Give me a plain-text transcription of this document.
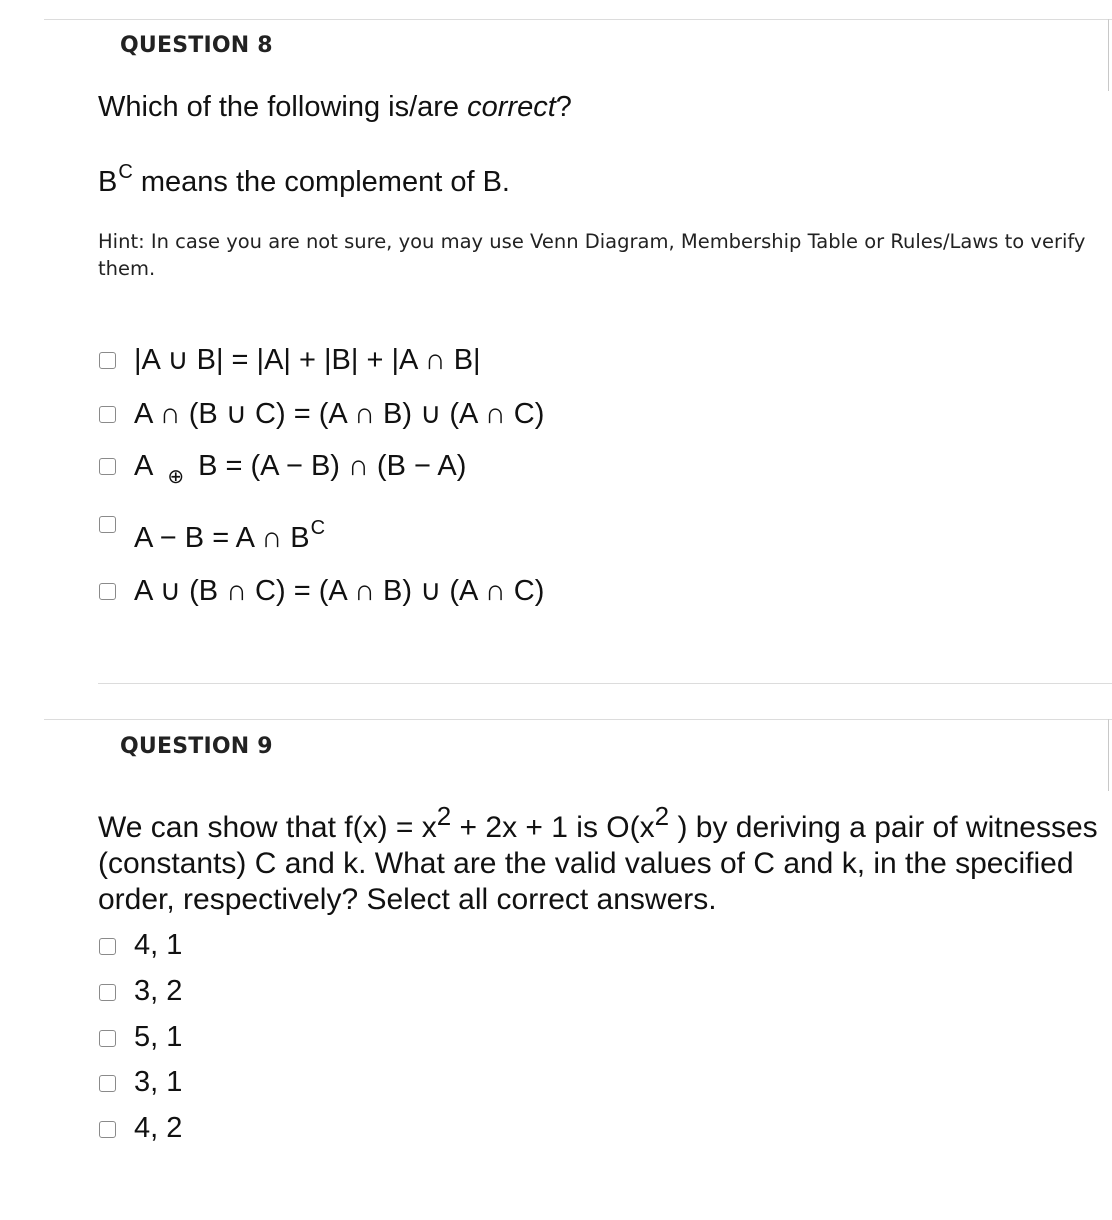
QUESTION 8
Which of the following is/are correct?
$B^C$ means the complement of B.
Hint: In case you are not sure, you may use Venn Diagram, Membership Table or Rules/Laws to verify them.
|A ∪ B| = |A| + |B| + |A ∩ B|
A ∩ (B ∪ C) = (A ∩ B) ∪ (A ∩ C)
A $_\oplus$ B = (A − B) ∩ (B − A)
A − B = A ∩ $B^C$
A ∪ (B ∩ C) = (A ∩ B) ∪ (A ∩ C)
QUESTION 9
We can show that f(x) = x2 + 2x + 1 is O(x2 ) by deriving a pair of witnesses (constants) C and k. What are the valid values of C and k, in the specified order, respectively? Select all correct answers.
4, 1
3, 2
5, 1
3, 1
4, 2
